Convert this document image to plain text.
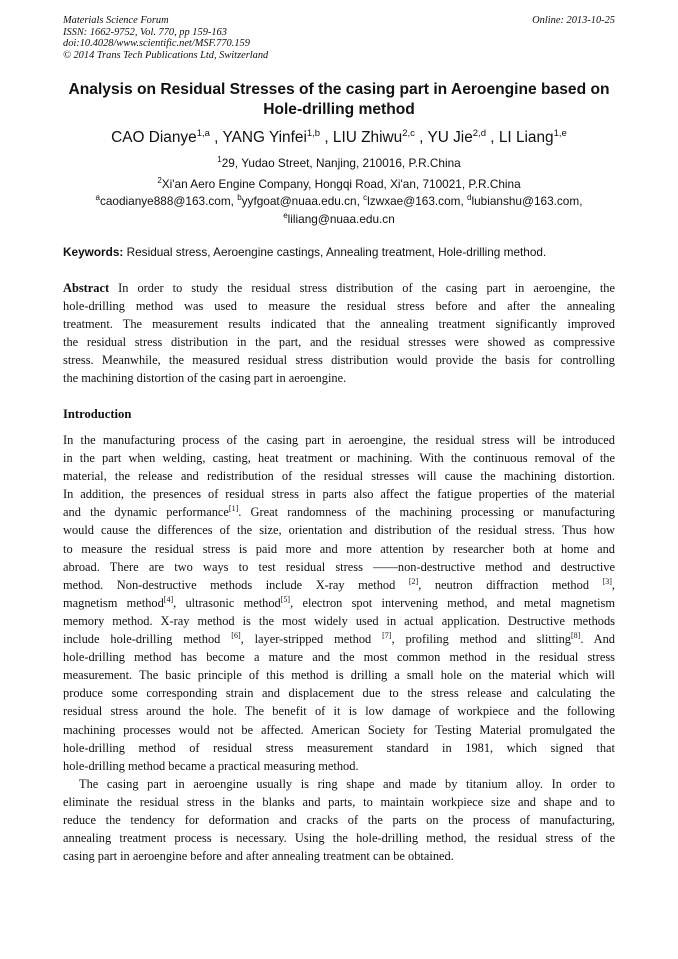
Materials Science Forum
ISSN: 1662-9752, Vol. 770, pp 159-163
doi:10.4028/www.scientific.net/MSF.770.159
© 2014 Trans Tech Publications Ltd, Switzerland
Online: 2013-10-25
Analysis on Residual Stresses of the casing part in Aeroengine based on
Hole-drilling method
CAO Dianye$^{1,a}$ , YANG Yinfei$^{1,b}$ , LIU Zhiwu$^{2,c}$ , YU Jie$^{2,d}$ , LI Liang$^{1,e}$
$^1$29, Yudao Street, Nanjing, 210016, P.R.China
$^2$Xi'an Aero Engine Company, Hongqi Road, Xi'an, 710021, P.R.China
$^a$caodianye888@163.com, $^b$yyfgoat@nuaa.edu.cn, $^c$lzwxae@163.com, $^d$lubianshu@163.com,
$^e$liliang@nuaa.edu.cn
Keywords: Residual stress, Aeroengine castings, Annealing treatment, Hole-drilling method.
Abstract In order to study the residual stress distribution of the casing part in aeroengine, the
hole-drilling method was used to measure the residual stress before and after the annealing
treatment. The measurement results indicated that the annealing treatment significantly improved
the residual stress distribution in the part, and the residual stresses were showed as compressive
stress. Meanwhile, the measured residual stress distribution would provide the basis for controlling
the machining distortion of the casing part in aeroengine.
Introduction
In the manufacturing process of the casing part in aeroengine, the residual stress will be introduced
in the part when welding, casting, heat treatment or machining. With the continuous removal of the
material, the release and redistribution of the residual stresses will cause the machining distortion.
In addition, the presences of residual stress in parts also affect the fatigue properties of the material
and the dynamic performance[1]. Great randomness of the machining processing or manufacturing
would cause the differences of the size, orientation and distribution of the residual stress. Thus how
to measure the residual stress is paid more and more attention by researcher both at home and
abroad. There are two ways to test residual stress ——non-destructive method and destructive
method. Non-destructive methods include X-ray method [2], neutron diffraction method [3],
magnetism method[4], ultrasonic method[5], electron spot intervening method, and metal magnetism
memory method. X-ray method is the most widely used in actual application. Destructive methods
include hole-drilling method [6], layer-stripped method [7], profiling method and slitting[8]. And
hole-drilling method has become a mature and the most common method in the residual stress
measurement. The basic principle of this method is drilling a small hole on the material which will
produce some corresponding strain and displacement due to the stress release and calculating the
residual stress around the hole. The benefit of it is low damage of workpiece and the following
machining processes would not be affected. American Society for Testing Material promulgated the
hole-drilling method of residual stress measurement standard in 1981, which signed that
hole-drilling method became a practical measuring method.
The casing part in aeroengine usually is ring shape and made by titanium alloy. In order to
eliminate the residual stress in the blanks and parts, to maintain workpiece size and shape and to
reduce the tendency for deformation and cracks of the parts on the process of manufacturing,
annealing treatment process is necessary. Using the hole-drilling method, the residual stress of the
casing part in aeroengine before and after annealing treatment can be obtained.
